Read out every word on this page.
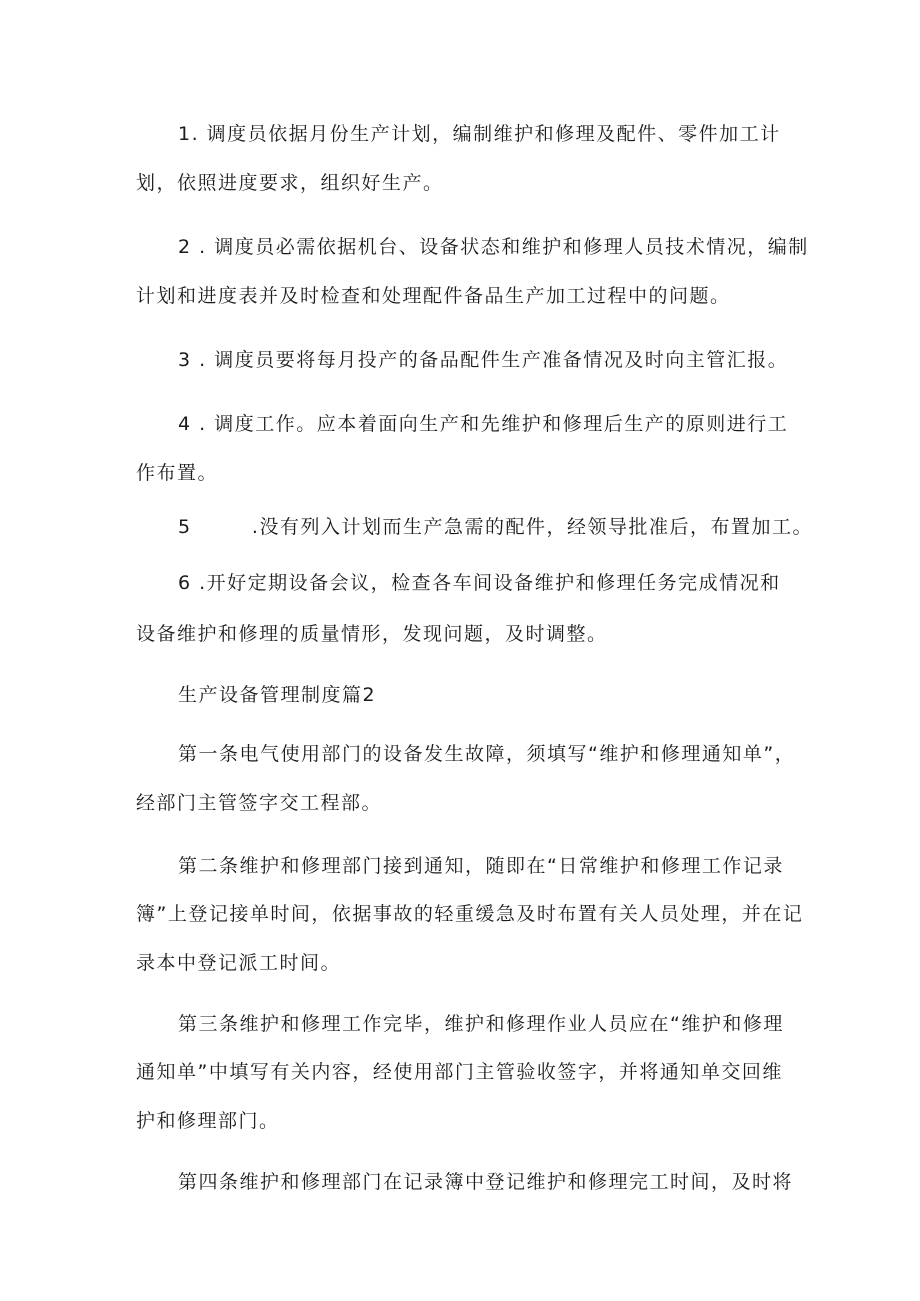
1. 调度员依据月份生产计划，编制维护和修理及配件、零件加工计

划，依照进度要求，组织好生产。

2 . 调度员必需依据机台、设备状态和维护和修理人员技术情况，编制

计划和进度表并及时检查和处理配件备品生产加工过程中的问题。

3 . 调度员要将每月投产的备品配件生产准备情况及时向主管汇报。

4 . 调度工作。应本着面向生产和先维护和修理后生产的原则进行工

作布置。

5        .没有列入计划而生产急需的配件，经领导批准后，布置加工。

6 .开好定期设备会议，检查各车间设备维护和修理任务完成情况和

设备维护和修理的质量情形，发现问题，及时调整。

生产设备管理制度篇2

第一条电气使用部门的设备发生故障，须填写“维护和修理通知单”，

经部门主管签字交工程部。

第二条维护和修理部门接到通知，随即在“日常维护和修理工作记录

簿”上登记接单时间，依据事故的轻重缓急及时布置有关人员处理，并在记

录本中登记派工时间。

第三条维护和修理工作完毕，维护和修理作业人员应在“维护和修理

通知单”中填写有关内容，经使用部门主管验收签字，并将通知单交回维

护和修理部门。

第四条维护和修理部门在记录簿中登记维护和修理完工时间，及时将
